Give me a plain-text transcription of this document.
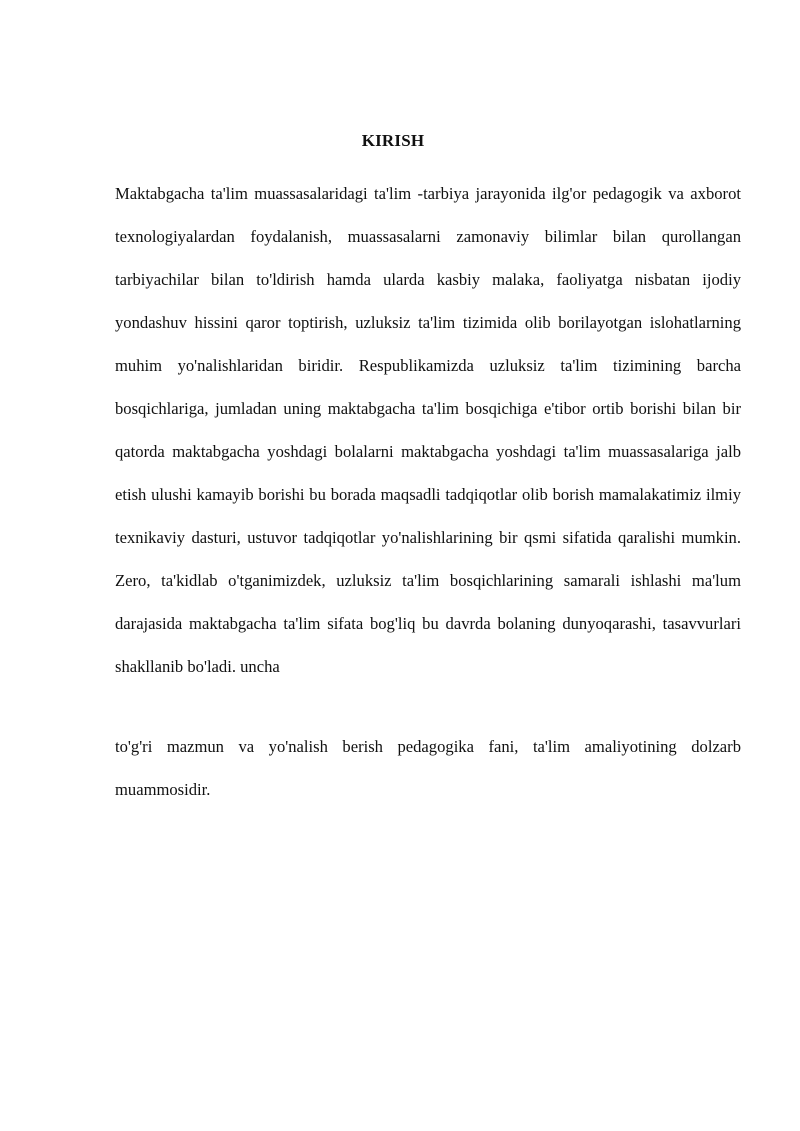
KIRISH

Maktabgacha ta'lim muassasalaridagi ta'lim -tarbiya jarayonida ilg'or pedagogik va axborot texnologiyalardan foydalanish, muassasalarni zamonaviy bilimlar bilan qurollangan tarbiyachilar bilan to'ldirish hamda ularda kasbiy malaka, faoliyatga nisbatan ijodiy yondashuv hissini qaror toptirish, uzluksiz ta'lim tizimida olib borilayotgan islohatlarning muhim yo'nalishlaridan biridir. Respublikamizda uzluksiz ta'lim tizimining barcha bosqichlariga, jumladan uning maktabgacha ta'lim bosqichiga e'tibor ortib borishi bilan bir qatorda maktabgacha yoshdagi bolalarni maktabgacha yoshdagi ta'lim muassasalariga jalb etish ulushi kamayib borishi bu borada maqsadli tadqiqotlar olib borish mamalakatimiz ilmiy texnikaviy dasturi, ustuvor tadqiqotlar yo'nalishlarining bir qsmi sifatida qaralishi mumkin. Zero, ta'kidlab o'tganimizdek, uzluksiz ta'lim bosqichlarining samarali ishlashi ma'lum darajasida maktabgacha ta'lim sifata bog'liq bu davrda bolaning dunyoqarashi, tasavvurlari shakllanib bo'ladi. uncha

to'g'ri mazmun va yo'nalish berish pedagogika fani, ta'lim amaliyotining dolzarb muammosidir.
